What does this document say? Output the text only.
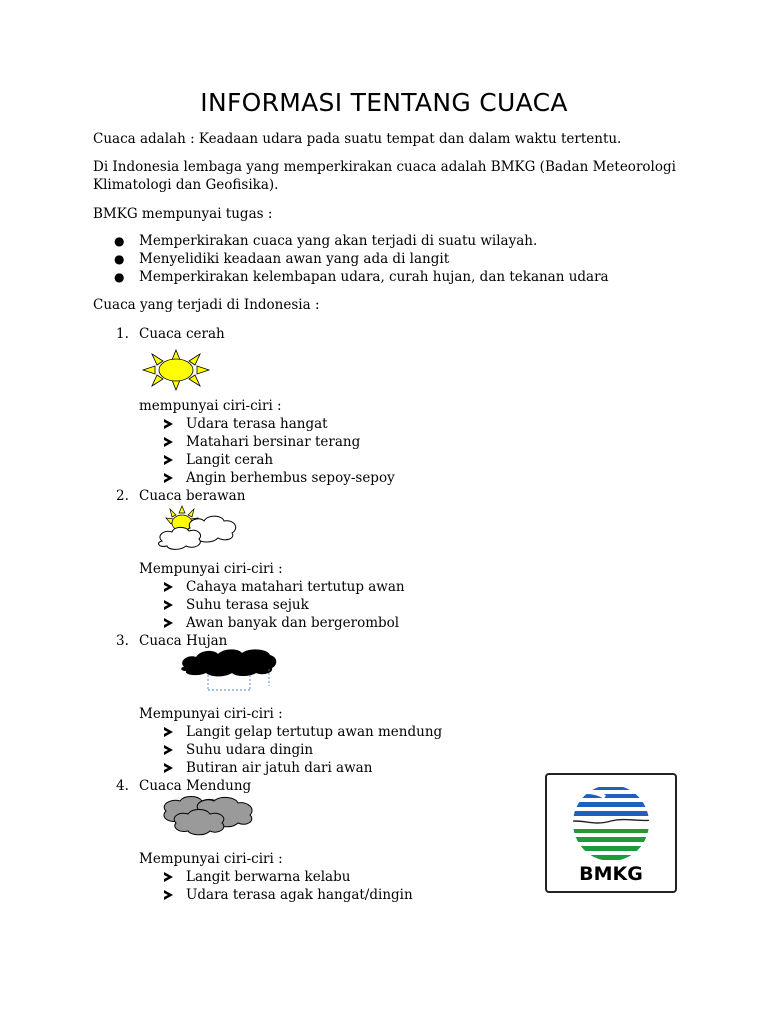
INFORMASI TENTANG CUACA
Cuaca adalah : Keadaan udara pada suatu tempat dan dalam waktu tertentu.
Di Indonesia lembaga yang memperkirakan cuaca adalah BMKG (Badan Meteorologi
Klimatologi dan Geofisika).
BMKG mempunyai tugas :
● Memperkirakan cuaca yang akan terjadi di suatu wilayah.
● Menyelidiki keadaan awan yang ada di langit
● Memperkirakan kelembapan udara, curah hujan, dan tekanan udara
Cuaca yang terjadi di Indonesia :
1. Cuaca cerah
mempunyai ciri-ciri :
Udara terasa hangat
Matahari bersinar terang
Langit cerah
Angin berhembus sepoy-sepoy
2. Cuaca berawan
Mempunyai ciri-ciri :
Cahaya matahari tertutup awan
Suhu terasa sejuk
Awan banyak dan bergerombol
3. Cuaca Hujan
Mempunyai ciri-ciri :
Langit gelap tertutup awan mendung
Suhu udara dingin
Butiran air jatuh dari awan
4. Cuaca Mendung
Mempunyai ciri-ciri :
Langit berwarna kelabu
Udara terasa agak hangat/dingin
BMKG
